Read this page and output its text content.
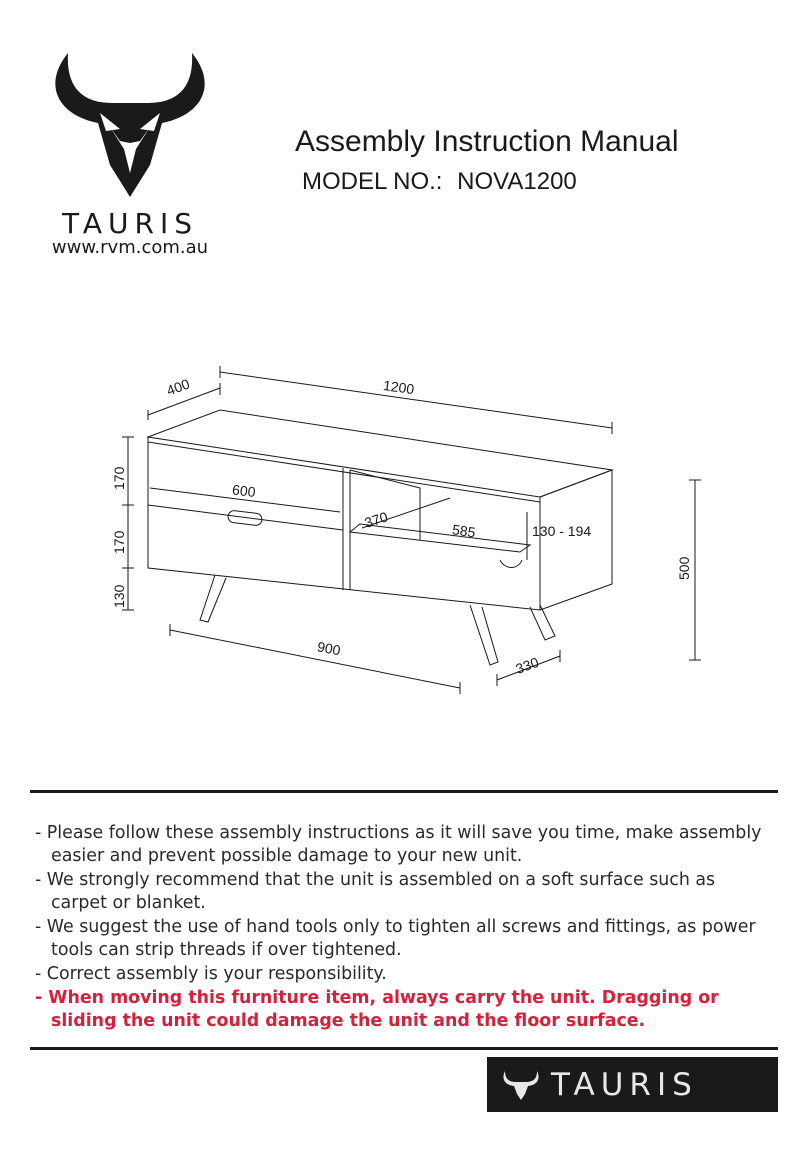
TAURIS
www.rvm.com.au
Assembly Instruction Manual
MODEL NO.: NOVA1200
400	1200
170
170
130
600
370	585	130 - 194
500
900
330

- Please follow these assembly instructions as it will save you time, make assembly easier and prevent possible damage to your new unit.

- We strongly recommend that the unit is assembled on a soft surface such as carpet or blanket.

- We suggest the use of hand tools only to tighten all screws and fittings, as power tools can strip threads if over tightened.

- Correct assembly is your responsibility.

- When moving this furniture item, always carry the unit. Dragging or sliding the unit could damage the unit and the floor surface.

TAURIS
